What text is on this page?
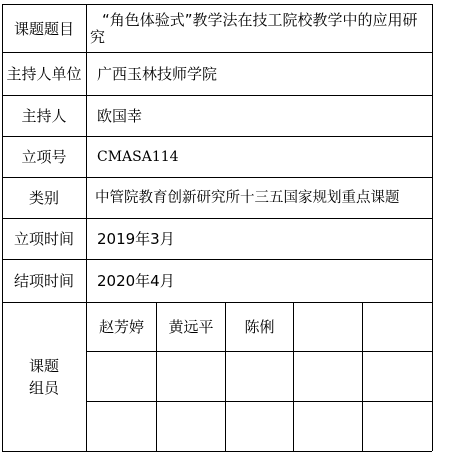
课题题目	“角色体验式”教学法在技工院校教学中的应用研究
主持人单位	广西玉林技师学院
主持人	欧国幸
立项号	CMASA114
类别	中管院教育创新研究所十三五国家规划重点课题
立项时间	2019年3月
结项时间	2020年4月
课题
组员
赵芳婷	黄远平	陈俐
